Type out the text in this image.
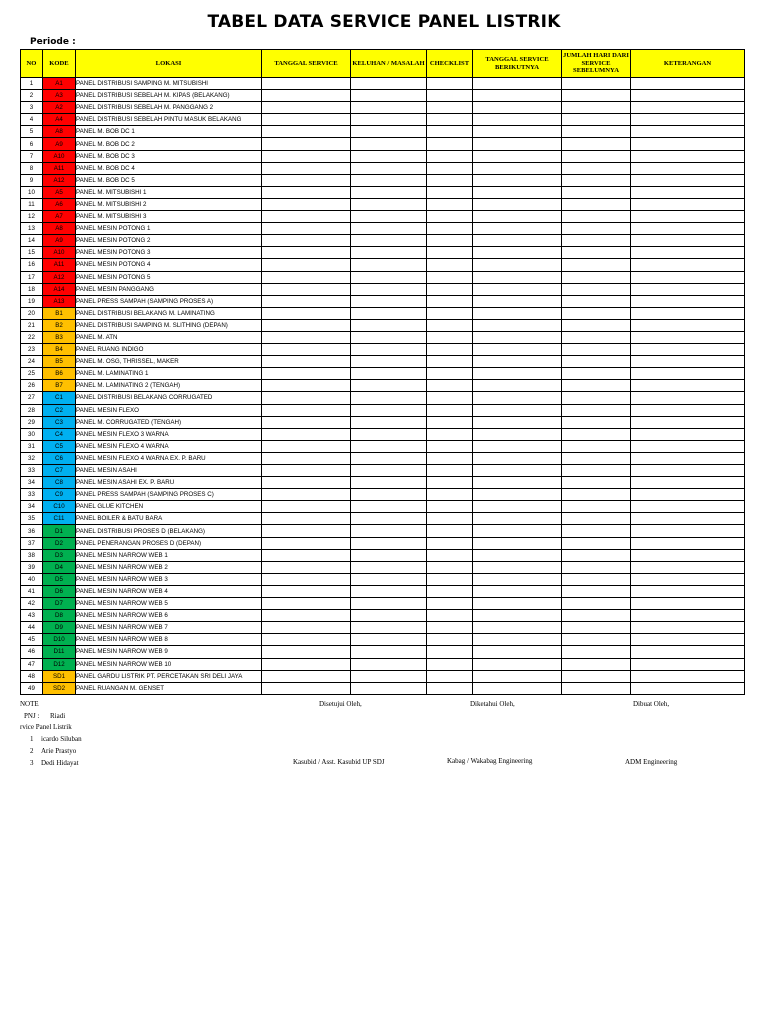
TABEL DATA SERVICE PANEL LISTRIK
Periode :
NO	KODE	LOKASI	TANGGAL SERVICE	KELUHAN / MASALAH	CHECKLIST	TANGGAL SERVICE BERIKUTNYA	JUMLAH HARI DARI SERVICE SEBELUMNYA	KETERANGAN
1	A1	PANEL DISTRIBUSI SAMPING M. MITSUBISHI						
2	A3	PANEL DISTRIBUSI SEBELAH M. KIPAS (BELAKANG)						
3	A2	PANEL DISTRIBUSI SEBELAH M. PANGGANG 2						
4	A4	PANEL DISTRIBUSI SEBELAH PINTU MASUK BELAKANG						
5	A8	PANEL M. BOB DC 1						
6	A9	PANEL M. BOB DC 2						
7	A10	PANEL M. BOB DC 3						
8	A11	PANEL M. BOB DC 4						
9	A12	PANEL M. BOB DC 5						
10	A5	PANEL M. MITSUBISHI 1						
11	A6	PANEL M. MITSUBISHI 2						
12	A7	PANEL M. MITSUBISHI 3						
13	A8	PANEL MESIN POTONG 1						
14	A9	PANEL MESIN POTONG 2						
15	A10	PANEL MESIN POTONG 3						
16	A11	PANEL MESIN POTONG 4						
17	A12	PANEL MESIN POTONG 5						
18	A14	PANEL MESIN PANGGANG						
19	A13	PANEL PRESS SAMPAH (SAMPING PROSES A)						
20	B1	PANEL DISTRIBUSI BELAKANG M. LAMINATING						
21	B2	PANEL DISTRIBUSI SAMPING M. SLITHING (DEPAN)						
22	B3	PANEL M. ATN						
23	B4	PANEL RUANG INDIGO						
24	B5	PANEL M. OSG, THRISSEL, MAKER						
25	B6	PANEL M. LAMINATING 1						
26	B7	PANEL M. LAMINATING 2 (TENGAH)						
27	C1	PANEL DISTRIBUSI BELAKANG CORRUGATED						
28	C2	PANEL MESIN FLEXO						
29	C3	PANEL M. CORRUGATED (TENGAH)						
30	C4	PANEL MESIN FLEXO 3 WARNA						
31	C5	PANEL MESIN FLEXO 4 WARNA						
32	C6	PANEL MESIN FLEXO 4 WARNA EX. P. BARU						
33	C7	PANEL MESIN ASAHI						
34	C8	PANEL MESIN ASAHI EX. P. BARU						
33	C9	PANEL PRESS SAMPAH (SAMPING PROSES C)						
34	C10	PANEL GLUE KITCHEN						
35	C11	PANEL BOILER & BATU BARA						
36	D1	PANEL DISTRIBUSI PROSES D (BELAKANG)						
37	D2	PANEL PENERANGAN PROSES D (DEPAN)						
38	D3	PANEL MESIN NARROW WEB 1						
39	D4	PANEL MESIN NARROW WEB 2						
40	D5	PANEL MESIN NARROW WEB 3						
41	D6	PANEL MESIN NARROW WEB 4						
42	D7	PANEL MESIN NARROW WEB 5						
43	D8	PANEL MESIN NARROW WEB 6						
44	D9	PANEL MESIN NARROW WEB 7						
45	D10	PANEL MESIN NARROW WEB 8						
46	D11	PANEL MESIN NARROW WEB 9						
47	D12	PANEL MESIN NARROW WEB 10						
48	SD1	PANEL GARDU LISTRIK PT. PERCETAKAN SRI DELI JAYA						
49	SD2	PANEL RUANGAN M. GENSET						
NOTE
PNJ : Riadi
rvice Panel Listrik
1 icardo Siluban
2 Arie Prastyo
3 Dedi Hidayat
Disetujui Oleh,	Diketahui Oleh,	Dibuat Oleh,
Kasubid / Asst. Kasubid UP SDJ	Kabag / Wakabag Engineering	ADM Engineering
